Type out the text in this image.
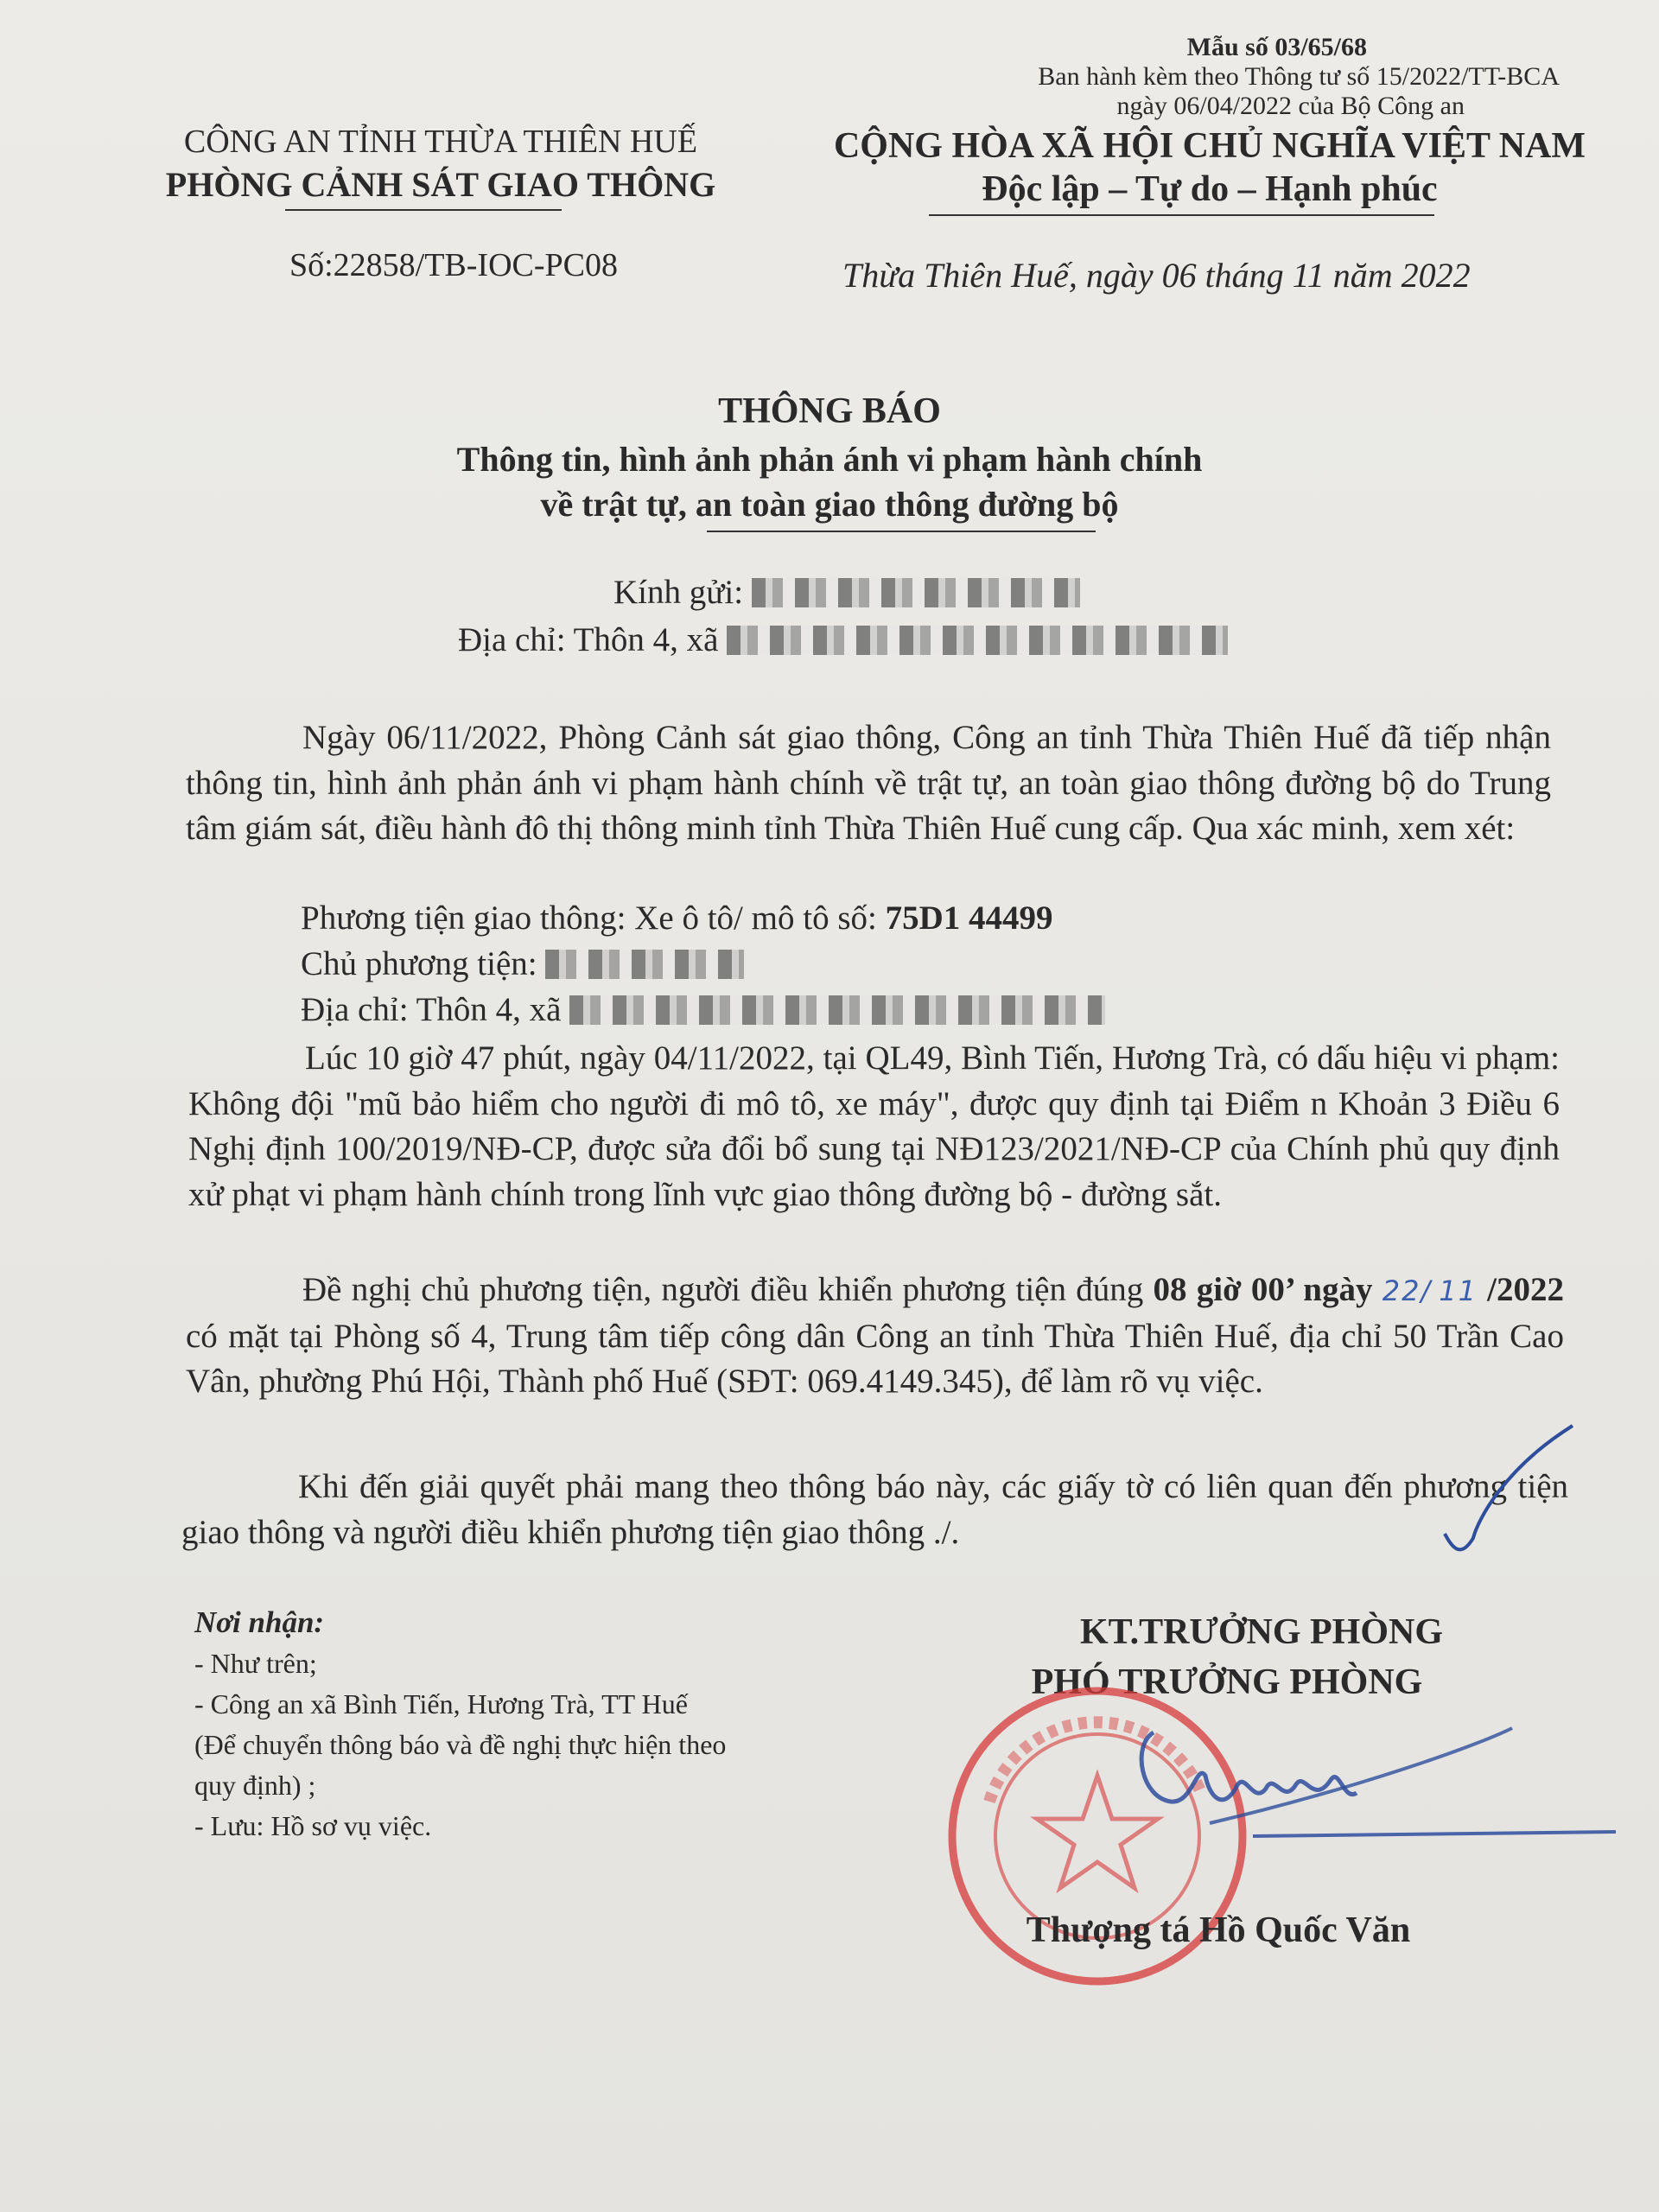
Mẫu số 03/65/68
Ban hành kèm theo Thông tư số 15/2022/TT-BCA
ngày 06/04/2022 của Bộ Công an
CÔNG AN TỈNH THỪA THIÊN HUẾ
PHÒNG CẢNH SÁT GIAO THÔNG
Số:22858/TB-IOC-PC08
CỘNG HÒA XÃ HỘI CHỦ NGHĨA VIỆT NAM
Độc lập – Tự do – Hạnh phúc
Thừa Thiên Huế, ngày 06 tháng 11 năm 2022
THÔNG BÁO
Thông tin, hình ảnh phản ánh vi phạm hành chính
về trật tự, an toàn giao thông đường bộ
Kính gửi:
Địa chỉ: Thôn 4, xã

Ngày 06/11/2022, Phòng Cảnh sát giao thông, Công an tỉnh Thừa Thiên Huế đã tiếp nhận thông tin, hình ảnh phản ánh vi phạm hành chính về trật tự, an toàn giao thông đường bộ do Trung tâm giám sát, điều hành đô thị thông minh tỉnh Thừa Thiên Huế cung cấp. Qua xác minh, xem xét:

Phương tiện giao thông: Xe ô tô/ mô tô số: 75D1 44499
Chủ phương tiện:
Địa chỉ: Thôn 4, xã

Lúc 10 giờ 47 phút, ngày 04/11/2022, tại QL49, Bình Tiến, Hương Trà, có dấu hiệu vi phạm: Không đội "mũ bảo hiểm cho người đi mô tô, xe máy", được quy định tại Điểm n Khoản 3 Điều 6 Nghị định 100/2019/NĐ-CP, được sửa đổi bổ sung tại NĐ123/2021/NĐ-CP của Chính phủ quy định xử phạt vi phạm hành chính trong lĩnh vực giao thông đường bộ - đường sắt.

Đề nghị chủ phương tiện, người điều khiển phương tiện đúng 08 giờ 00’ ngày 22/ 11 /2022 có mặt tại Phòng số 4, Trung tâm tiếp công dân Công an tỉnh Thừa Thiên Huế, địa chỉ 50 Trần Cao Vân, phường Phú Hội, Thành phố Huế (SĐT: 069.4149.345), để làm rõ vụ việc.

Khi đến giải quyết phải mang theo thông báo này, các giấy tờ có liên quan đến phương tiện giao thông và người điều khiển phương tiện giao thông ./.

Nơi nhận:
- Như trên;
- Công an xã Bình Tiến, Hương Trà, TT Huế
(Để chuyển thông báo và đề nghị thực hiện theo
quy định) ;
- Lưu: Hồ sơ vụ việc.
KT.TRƯỞNG PHÒNG
PHÓ TRƯỞNG PHÒNG
Thượng tá Hồ Quốc Văn
